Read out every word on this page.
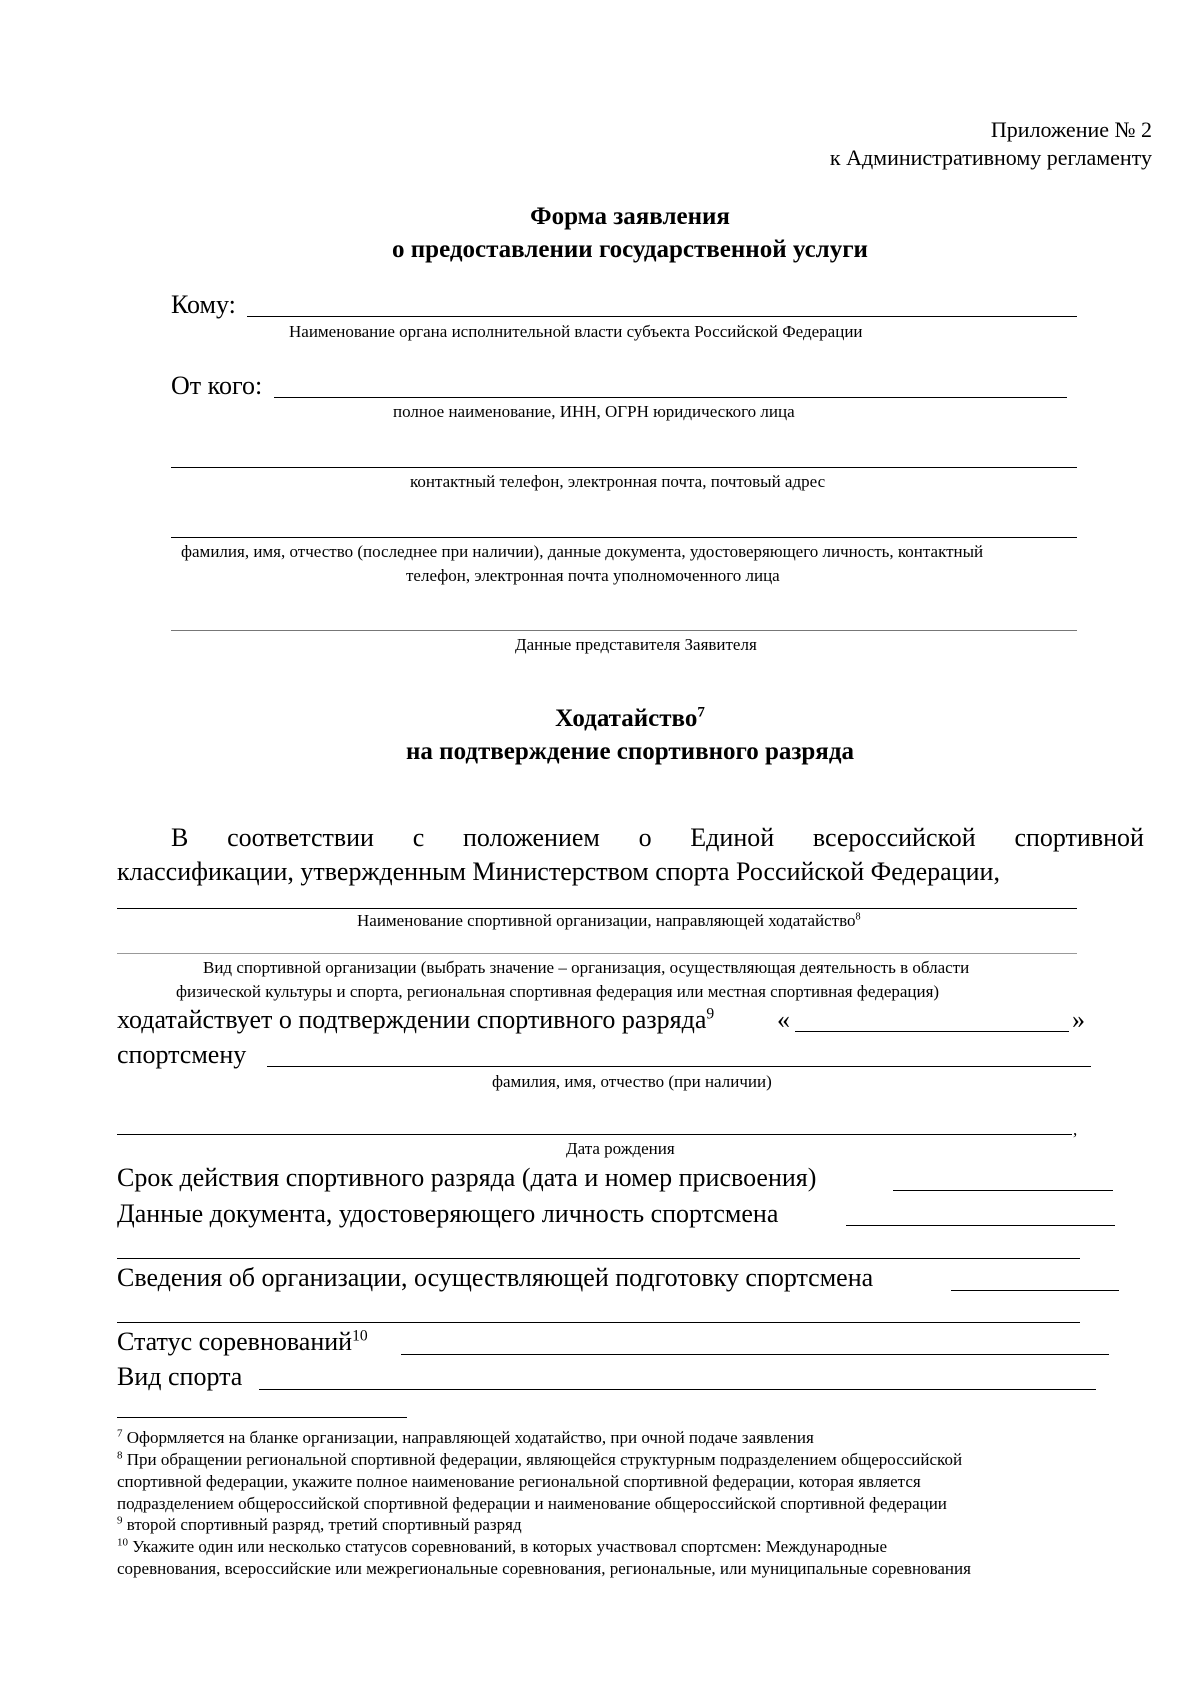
Приложение № 2
к Административному регламенту
Форма заявления
о предоставлении государственной услуги
Кому:
Наименование органа исполнительной власти субъекта Российской Федерации
От кого:
полное наименование, ИНН, ОГРН юридического лица
контактный телефон, электронная почта, почтовый адрес
фамилия, имя, отчество (последнее при наличии), данные документа, удостоверяющего личность, контактный
телефон, электронная почта уполномоченного лица
Данные представителя Заявителя
Ходатайство$^7$
на подтверждение спортивного разряда
В соответствии с положением о Единой всероссийской спортивной
классификации, утвержденным Министерством спорта Российской Федерации,
Наименование спортивной организации, направляющей ходатайство$^8$
Вид спортивной организации (выбрать значение – организация, осуществляющая деятельность в области
физической культуры и спорта, региональная спортивная федерация или местная спортивная федерация)
ходатайствует о подтверждении спортивного разряда$^9$ «	»
спортсмену
фамилия, имя, отчество (при наличии)
,
Дата рождения
Срок действия спортивного разряда (дата и номер присвоения)
Данные документа, удостоверяющего личность спортсмена
Сведения об организации, осуществляющей подготовку спортсмена
Статус соревнований$^{10}$
Вид спорта
$^7$ Оформляется на бланке организации, направляющей ходатайство, при очной подаче заявления
$^8$ При обращении региональной спортивной федерации, являющейся структурным подразделением общероссийской
спортивной федерации, укажите полное наименование региональной спортивной федерации, которая является
подразделением общероссийской спортивной федерации и наименование общероссийской спортивной федерации
$^9$ второй спортивный разряд, третий спортивный разряд
$^{10}$ Укажите один или несколько статусов соревнований, в которых участвовал спортсмен: Международные
соревнования, всероссийские или межрегиональные соревнования, региональные, или муниципальные соревнования
